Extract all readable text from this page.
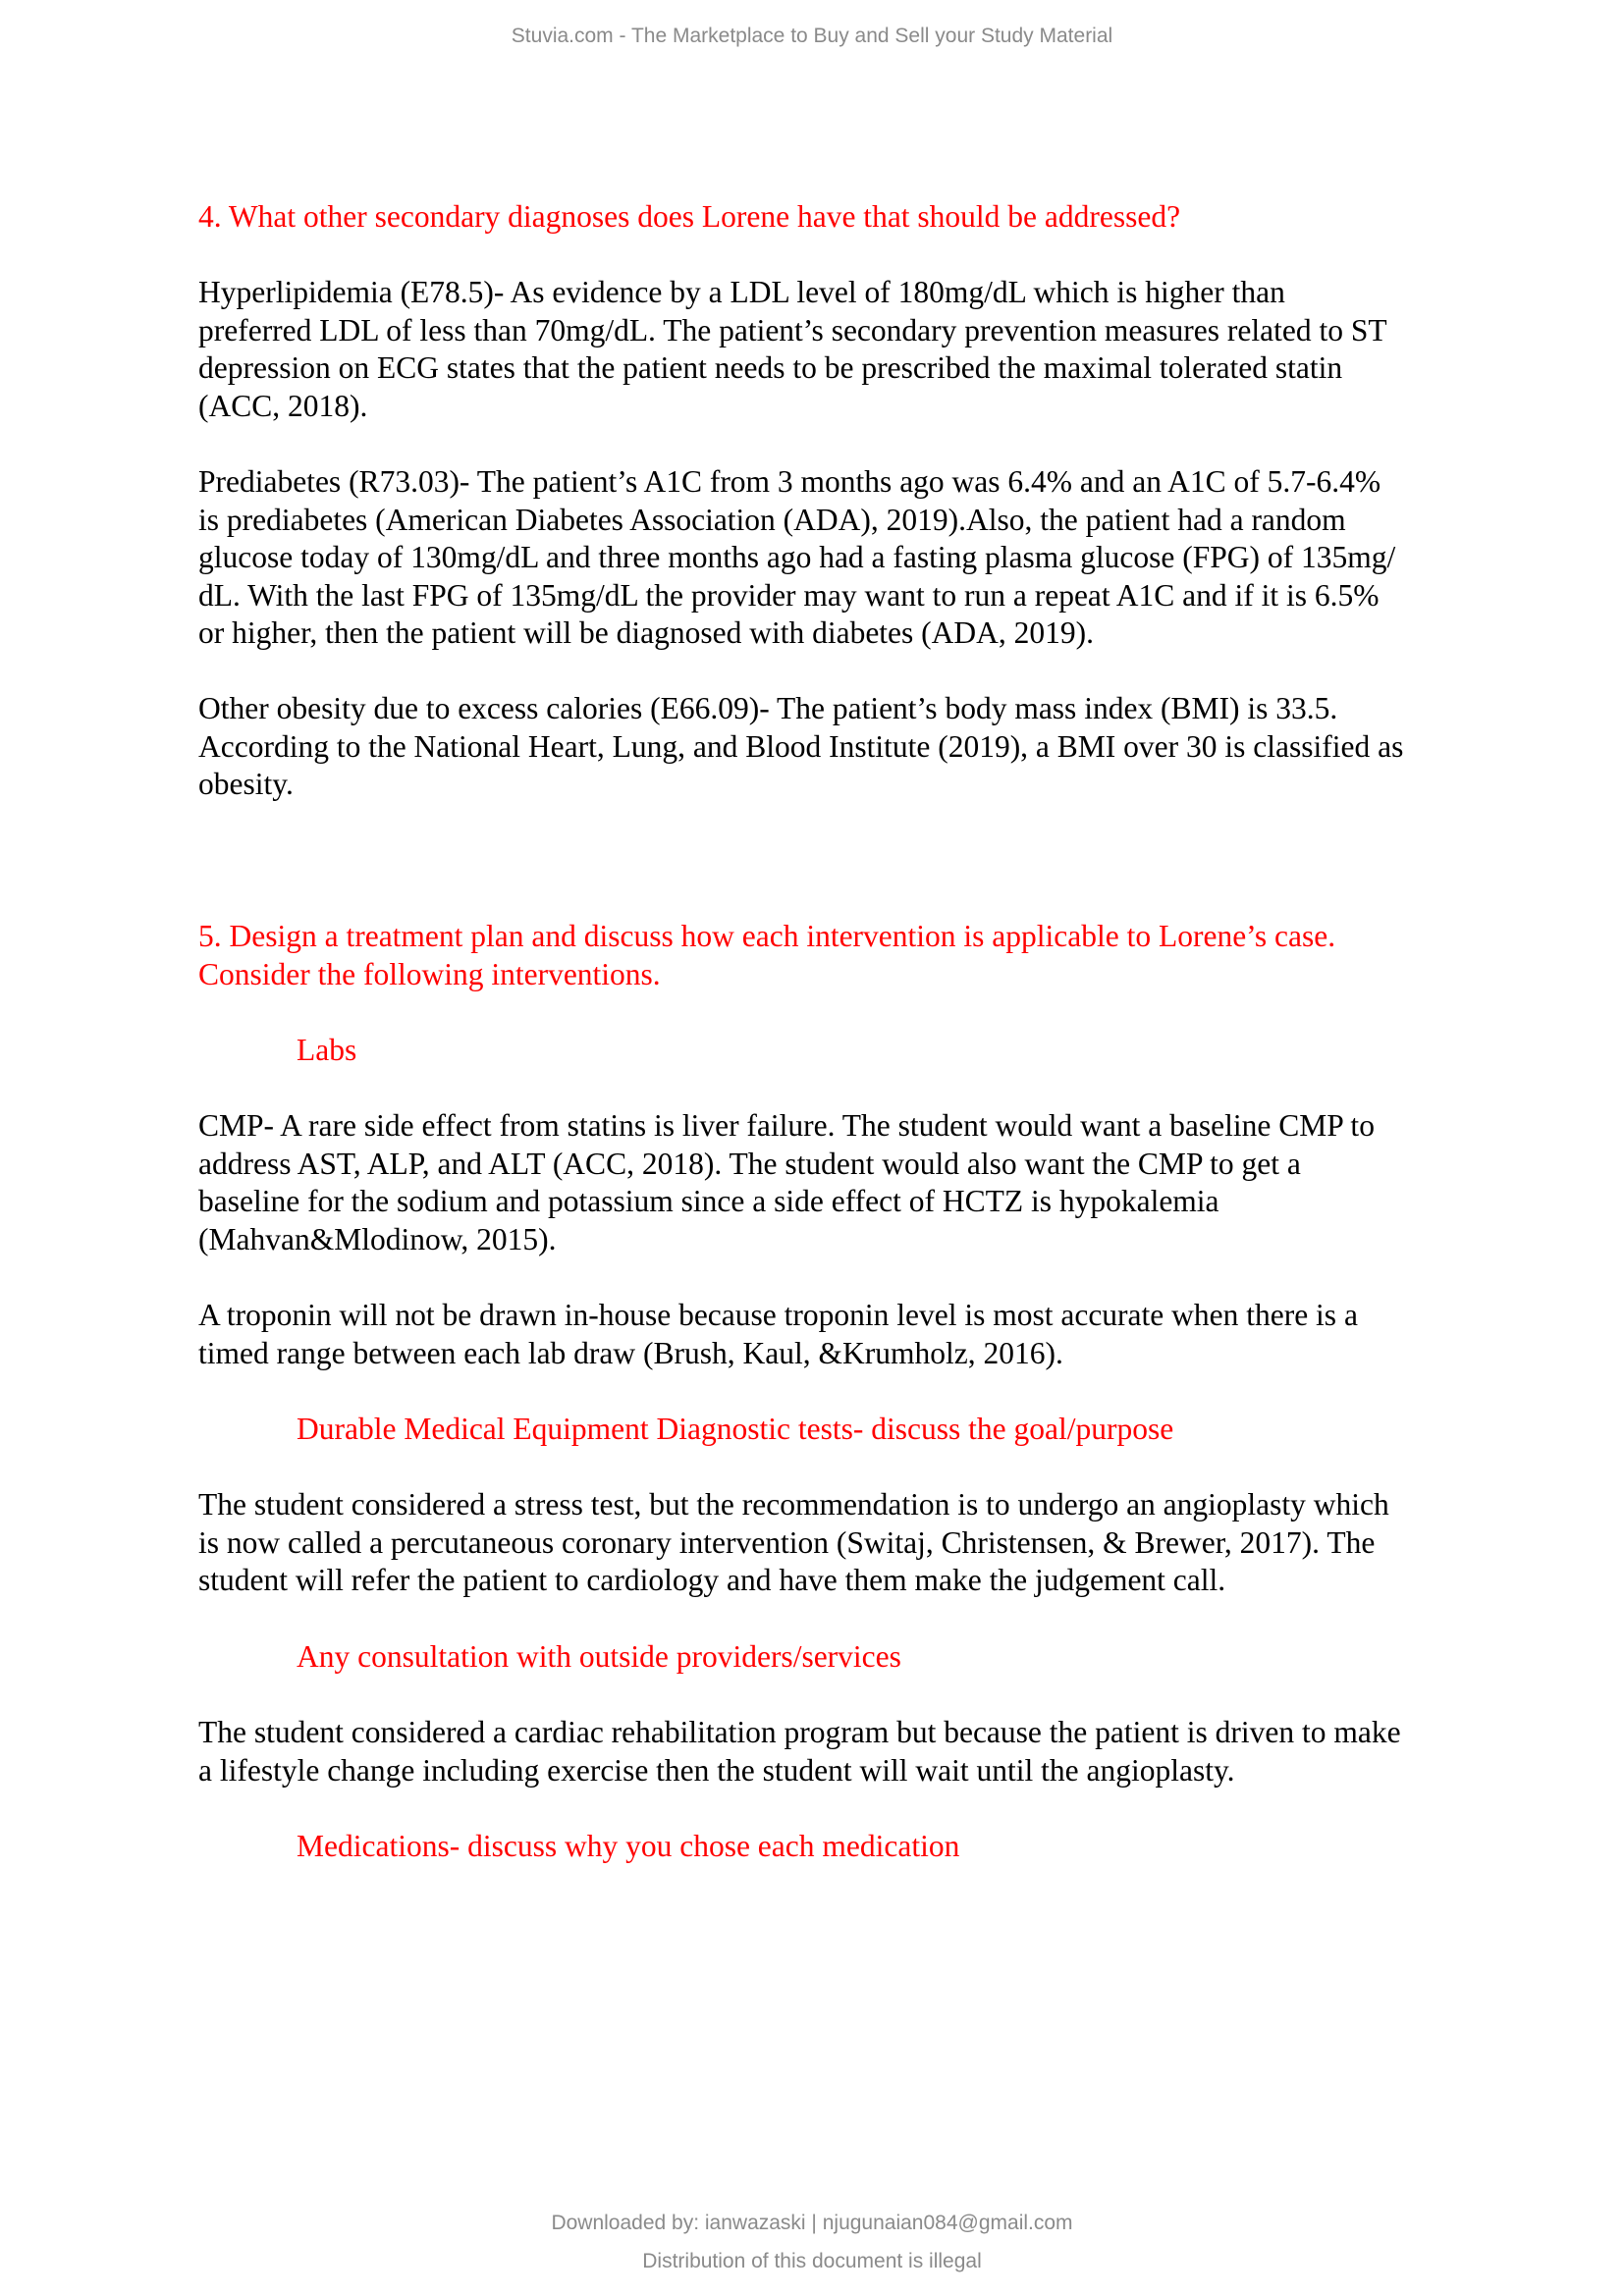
Stuvia.com - The Marketplace to Buy and Sell your Study Material

4. What other secondary diagnoses does Lorene have that should be addressed?

Hyperlipidemia (E78.5)- As evidence by a LDL level of 180mg/dL which is higher than
preferred LDL of less than 70mg/dL. The patient’s secondary prevention measures related to ST
depression on ECG states that the patient needs to be prescribed the maximal tolerated statin
(ACC, 2018).

Prediabetes (R73.03)- The patient’s A1C from 3 months ago was 6.4% and an A1C of 5.7-6.4%
is prediabetes (American Diabetes Association (ADA), 2019).Also, the patient had a random
glucose today of 130mg/dL and three months ago had a fasting plasma glucose (FPG) of 135mg/
dL. With the last FPG of 135mg/dL the provider may want to run a repeat A1C and if it is 6.5%
or higher, then the patient will be diagnosed with diabetes (ADA, 2019).

Other obesity due to excess calories (E66.09)- The patient’s body mass index (BMI) is 33.5.
According to the National Heart, Lung, and Blood Institute (2019), a BMI over 30 is classified as
obesity.

5. Design a treatment plan and discuss how each intervention is applicable to Lorene’s case.
Consider the following interventions.

Labs

CMP- A rare side effect from statins is liver failure. The student would want a baseline CMP to
address AST, ALP, and ALT (ACC, 2018). The student would also want the CMP to get a
baseline for the sodium and potassium since a side effect of HCTZ is hypokalemia
(Mahvan&Mlodinow, 2015).

A troponin will not be drawn in-house because troponin level is most accurate when there is a
timed range between each lab draw (Brush, Kaul, &Krumholz, 2016).

Durable Medical Equipment Diagnostic tests- discuss the goal/purpose

The student considered a stress test, but the recommendation is to undergo an angioplasty which
is now called a percutaneous coronary intervention (Switaj, Christensen, & Brewer, 2017). The
student will refer the patient to cardiology and have them make the judgement call.

Any consultation with outside providers/services

The student considered a cardiac rehabilitation program but because the patient is driven to make
a lifestyle change including exercise then the student will wait until the angioplasty.

Medications- discuss why you chose each medication

Downloaded by: ianwazaski | njugunaian084@gmail.com
Distribution of this document is illegal
